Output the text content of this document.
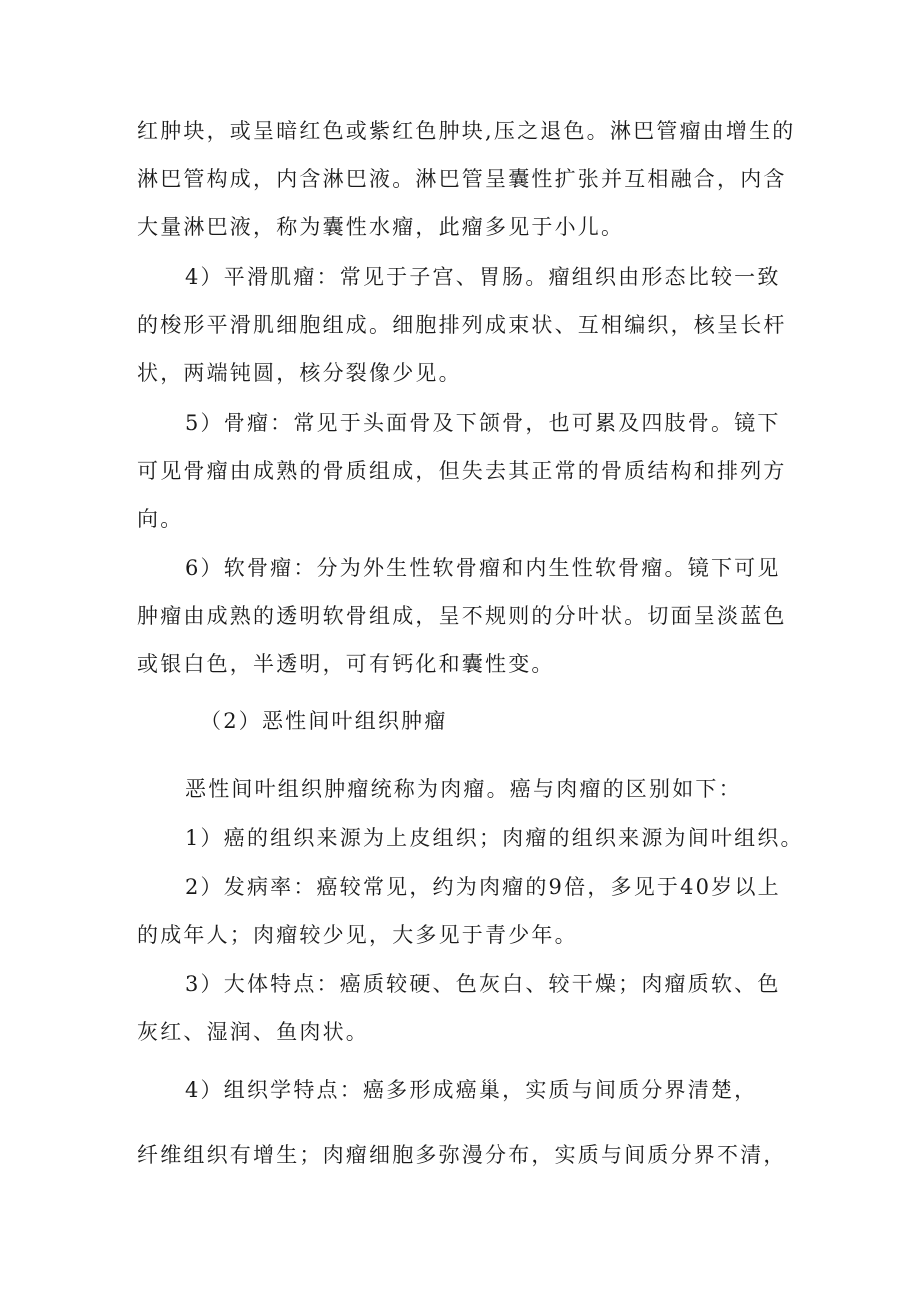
红肿块，或呈暗红色或紫红色肿块,压之退色。淋巴管瘤由增生的
淋巴管构成，内含淋巴液。淋巴管呈囊性扩张并互相融合，内含
大量淋巴液，称为囊性水瘤，此瘤多见于小儿。
4）平滑肌瘤：常见于子宫、胃肠。瘤组织由形态比较一致
的梭形平滑肌细胞组成。细胞排列成束状、互相编织，核呈长杆
状，两端钝圆，核分裂像少见。
5）骨瘤：常见于头面骨及下颌骨，也可累及四肢骨。镜下
可见骨瘤由成熟的骨质组成，但失去其正常的骨质结构和排列方
向。
6）软骨瘤：分为外生性软骨瘤和内生性软骨瘤。镜下可见
肿瘤由成熟的透明软骨组成，呈不规则的分叶状。切面呈淡蓝色
或银白色，半透明，可有钙化和囊性变。
（2）恶性间叶组织肿瘤
恶性间叶组织肿瘤统称为肉瘤。癌与肉瘤的区别如下：
1）癌的组织来源为上皮组织；肉瘤的组织来源为间叶组织。
2）发病率：癌较常见，约为肉瘤的9倍，多见于40岁以上
的成年人；肉瘤较少见，大多见于青少年。
3）大体特点：癌质较硬、色灰白、较干燥；肉瘤质软、色
灰红、湿润、鱼肉状。
4）组织学特点：癌多形成癌巢，实质与间质分界清楚，
纤维组织有增生；肉瘤细胞多弥漫分布，实质与间质分界不清，
